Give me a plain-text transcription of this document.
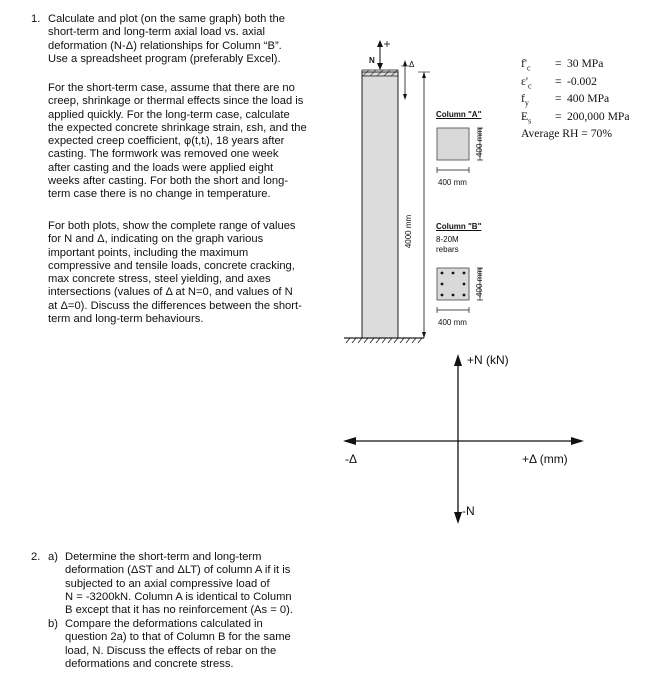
1. Calculate and plot (on the same graph) both the
short-term and long-term axial load vs. axial
deformation (N-Δ) relationships for Column “B”.
Use a spreadsheet program (preferably Excel).
For the short-term case, assume that there are no
creep, shrinkage or thermal effects since the load is
applied quickly. For the long-term case, calculate
the expected concrete shrinkage strain, εsh, and the
expected creep coefficient, φ(t,tᵢ), 18 years after
casting. The formwork was removed one week
after casting and the loads were applied eight
weeks after casting. For both the short and long-
term case there is no change in temperature.
For both plots, show the complete range of values
for N and Δ, indicating on the graph various
important points, including the maximum
compressive and tensile loads, concrete cracking,
max concrete stress, steel yielding, and axes
intersections (values of Δ at N=0, and values of N
at Δ=0). Discuss the differences between the short-
term and long-term behaviours.
$f'_c$	= 30 MPa
$\varepsilon'_c$	= -0.002
$f_y$	= 400 MPa
$E_s$	= 200,000 MPa
Average RH = 70%
N	Δ
4000 mm
Column "A"
400 mm
400 mm
Column "B"
8-20M
rebars
400 mm
400 mm
+N (kN)
-N
+Δ (mm)
-Δ
2. a) Determine the short-term and long-term
deformation (ΔST and ΔLT) of column A if it is
subjected to an axial compressive load of
N = -3200kN. Column A is identical to Column
B except that it has no reinforcement (As = 0).
b) Compare the deformations calculated in
question 2a) to that of Column B for the same
load, N. Discuss the effects of rebar on the
deformations and concrete stress.
